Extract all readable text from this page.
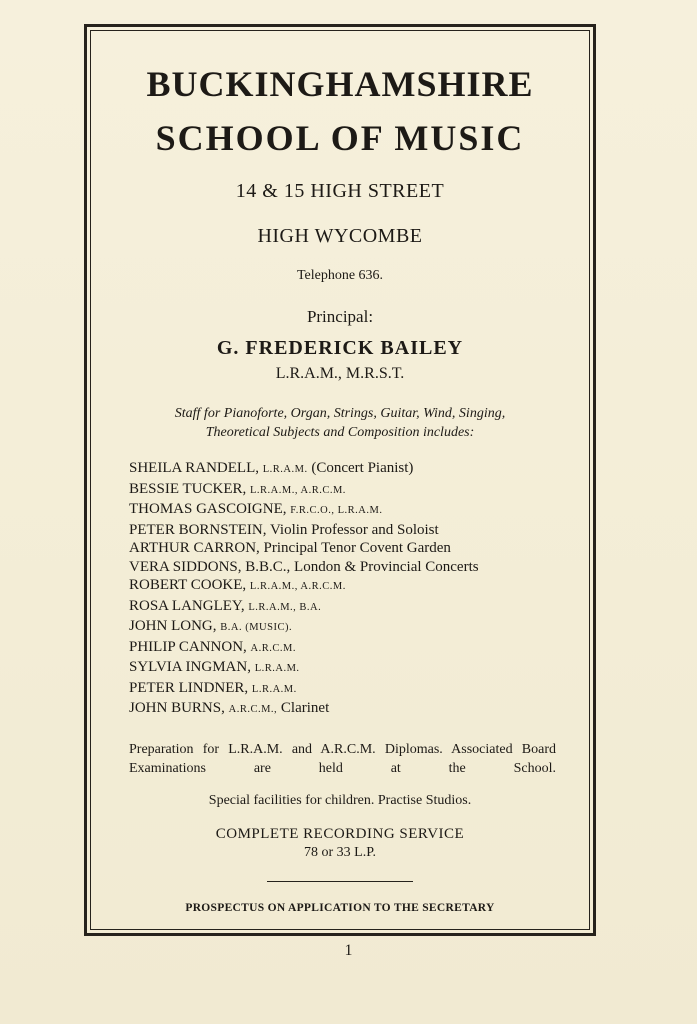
BUCKINGHAMSHIRE
SCHOOL OF MUSIC
14 & 15 HIGH STREET
HIGH WYCOMBE
Telephone 636.
Principal:
G. FREDERICK BAILEY
L.R.A.M., M.R.S.T.
Staff for Pianoforte, Organ, Strings, Guitar, Wind, Singing,
Theoretical Subjects and Composition includes:
SHEILA RANDELL, L.R.A.M. (Concert Pianist)
BESSIE TUCKER, L.R.A.M., A.R.C.M.
THOMAS GASCOIGNE, F.R.C.O., L.R.A.M.
PETER BORNSTEIN, Violin Professor and Soloist
ARTHUR CARRON, Principal Tenor Covent Garden
VERA SIDDONS, B.B.C., London & Provincial Concerts
ROBERT COOKE, L.R.A.M., A.R.C.M.
ROSA LANGLEY, L.R.A.M., B.A.
JOHN LONG, B.A. (MUSIC).
PHILIP CANNON, A.R.C.M.
SYLVIA INGMAN, L.R.A.M.
PETER LINDNER, L.R.A.M.
JOHN BURNS, A.R.C.M., Clarinet
Preparation for L.R.A.M. and A.R.C.M. Diplomas. Associated Board Examinations are held at the School.
Special facilities for children. Practise Studios.
COMPLETE RECORDING SERVICE
78 or 33 L.P.
PROSPECTUS ON APPLICATION TO THE SECRETARY
1
